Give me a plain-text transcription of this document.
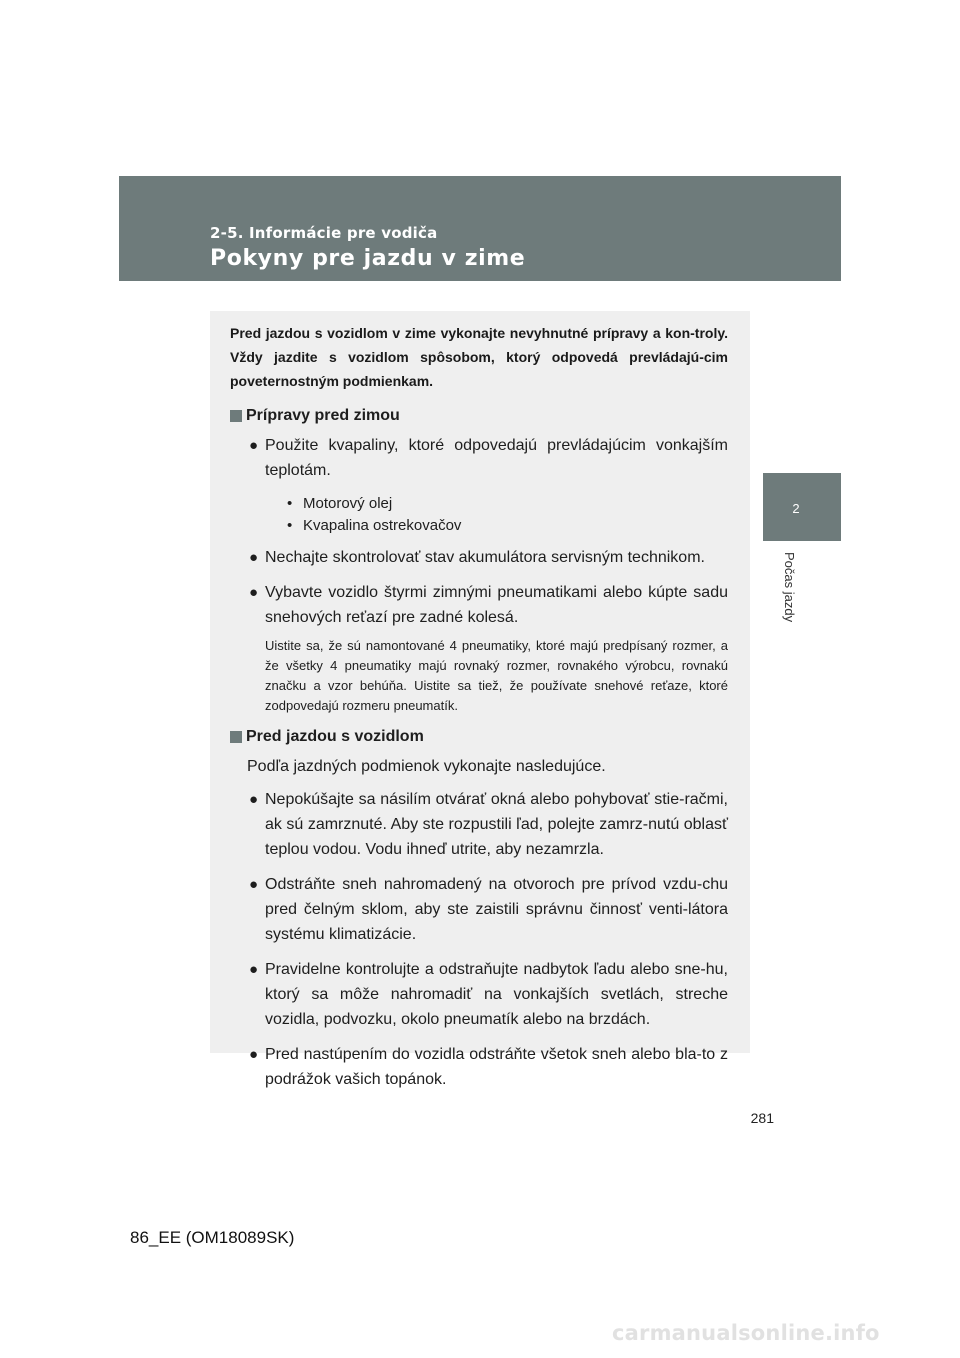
2-5. Informácie pre vodiča
Pokyny pre jazdu v zime
2
Počas jazdy

Pred jazdou s vozidlom v zime vykonajte nevyhnutné prípravy a kon-troly. Vždy jazdite s vozidlom spôsobom, ktorý odpovedá prevládajú-cim poveternostným podmienkam.

Prípravy pred zimou
● Použite kvapaliny, ktoré odpovedajú prevládajúcim vonkajším teplotám.
• Motorový olej
• Kvapalina ostrekovačov
● Nechajte skontrolovať stav akumulátora servisným technikom.
● Vybavte vozidlo štyrmi zimnými pneumatikami alebo kúpte sadu snehových reťazí pre zadné kolesá.

Uistite sa, že sú namontované 4 pneumatiky, ktoré majú predpísaný rozmer, a že všetky 4 pneumatiky majú rovnaký rozmer, rovnakého výrobcu, rovnakú značku a vzor behúňa. Uistite sa tiež, že používate snehové reťaze, ktoré zodpovedajú rozmeru pneumatík.

Pred jazdou s vozidlom

Podľa jazdných podmienok vykonajte nasledujúce.

● Nepokúšajte sa násilím otvárať okná alebo pohybovať stie-račmi, ak sú zamrznuté. Aby ste rozpustili ľad, polejte zamrz-nutú oblasť teplou vodou. Vodu ihneď utrite, aby nezamrzla.
● Odstráňte sneh nahromadený na otvoroch pre prívod vzdu-chu pred čelným sklom, aby ste zaistili správnu činnosť venti-látora systému klimatizácie.
● Pravidelne kontrolujte a odstraňujte nadbytok ľadu alebo sne-hu, ktorý sa môže nahromadiť na vonkajších svetlách, streche vozidla, podvozku, okolo pneumatík alebo na brzdách.
● Pred nastúpením do vozidla odstráňte všetok sneh alebo bla-to z podrážok vašich topánok.
281
86_EE (OM18089SK)
carmanualsonline.info
